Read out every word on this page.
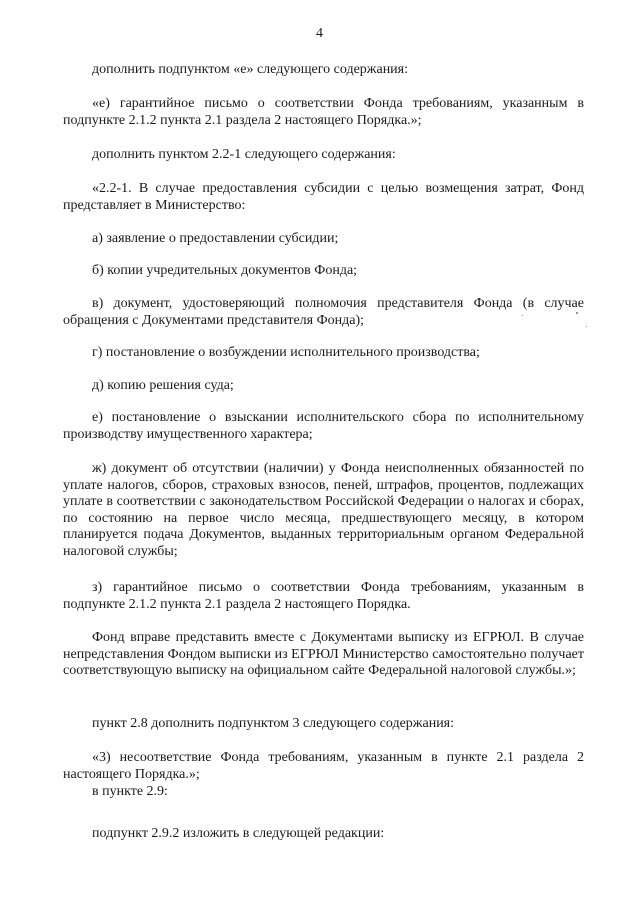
4

дополнить подпунктом «е» следующего содержания:

«е) гарантийное письмо о соответствии Фонда требованиям, указанным в подпункте 2.1.2 пункта 2.1 раздела 2 настоящего Порядка.»;

дополнить пунктом 2.2-1 следующего содержания:

«2.2-1. В случае предоставления субсидии с целью возмещения затрат, Фонд представляет в Министерство:

а) заявление о предоставлении субсидии;

б) копии учредительных документов Фонда;

в) документ, удостоверяющий полномочия представителя Фонда (в случае обращения с Документами представителя Фонда);

г) постановление о возбуждении исполнительного производства;

д) копию решения суда;

е) постановление о взыскании исполнительского сбора по исполнительному производству имущественного характера;

ж) документ об отсутствии (наличии) у Фонда неисполненных обязанностей по уплате налогов, сборов, страховых взносов, пеней, штрафов, процентов, подлежащих уплате в соответствии с законодательством Российской Федерации о налогах и сборах, по состоянию на первое число месяца, предшествующего месяцу, в котором планируется подача Документов, выданных территориальным органом Федеральной налоговой службы;

з) гарантийное письмо о соответствии Фонда требованиям, указанным в подпункте 2.1.2 пункта 2.1 раздела 2 настоящего Порядка.

Фонд вправе представить вместе с Документами выписку из ЕГРЮЛ. В случае непредставления Фондом выписки из ЕГРЮЛ Министерство самостоятельно получает соответствующую выписку на официальном сайте Федеральной налоговой службы.»;

пункт 2.8 дополнить подпунктом 3 следующего содержания:

«3) несоответствие Фонда требованиям, указанным в пункте 2.1 раздела 2 настоящего Порядка.»;

в пункте 2.9:

подпункт 2.9.2 изложить в следующей редакции:
